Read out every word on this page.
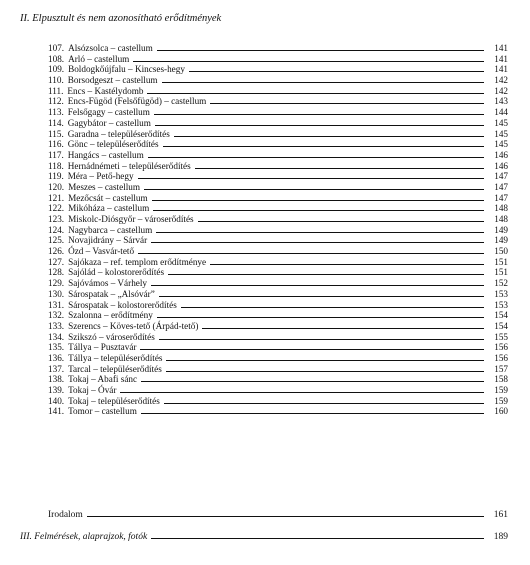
II. Elpusztult és nem azonosítható erődítmények
107. Alsózsolca – castellum	141
108. Arló – castellum	141
109. Boldogkőújfalu – Kincses-hegy	141
110. Borsodgeszt – castellum	142
111. Encs – Kastélydomb	142
112. Encs-Fügöd (Felsőfügöd) – castellum	143
113. Felsőgagy – castellum	144
114. Gagybátor – castellum	145
115. Garadna – településerődítés	145
116. Gönc – településerődítés	145
117. Hangács – castellum	146
118. Hernádnémeti – településerődítés	146
119. Méra – Pető-hegy	147
120. Meszes – castellum	147
121. Mezőcsát – castellum	147
122. Mikóháza – castellum	148
123. Miskolc-Diósgyőr – városerődítés	148
124. Nagybarca – castellum	149
125. Novajidrány – Sárvár	149
126. Ózd – Vasvár-tető	150
127. Sajókaza – ref. templom erődítménye	151
128. Sajólád – kolostorerődítés	151
129. Sajóvámos – Várhely	152
130. Sárospatak – „Alsóvár”	153
131. Sárospatak – kolostorerődítés	153
132. Szalonna – erődítmény	154
133. Szerencs – Köves-tető (Árpád-tető)	154
134. Szikszó – városerődítés	155
135. Tállya – Pusztavár	156
136. Tállya – településerődítés	156
137. Tarcal – településerődítés	157
138. Tokaj – Abafi sánc	158
139. Tokaj – Óvár	159
140. Tokaj – településerődítés	159
141. Tomor – castellum	160
Irodalom	161
III. Felmérések, alaprajzok, fotók	189
